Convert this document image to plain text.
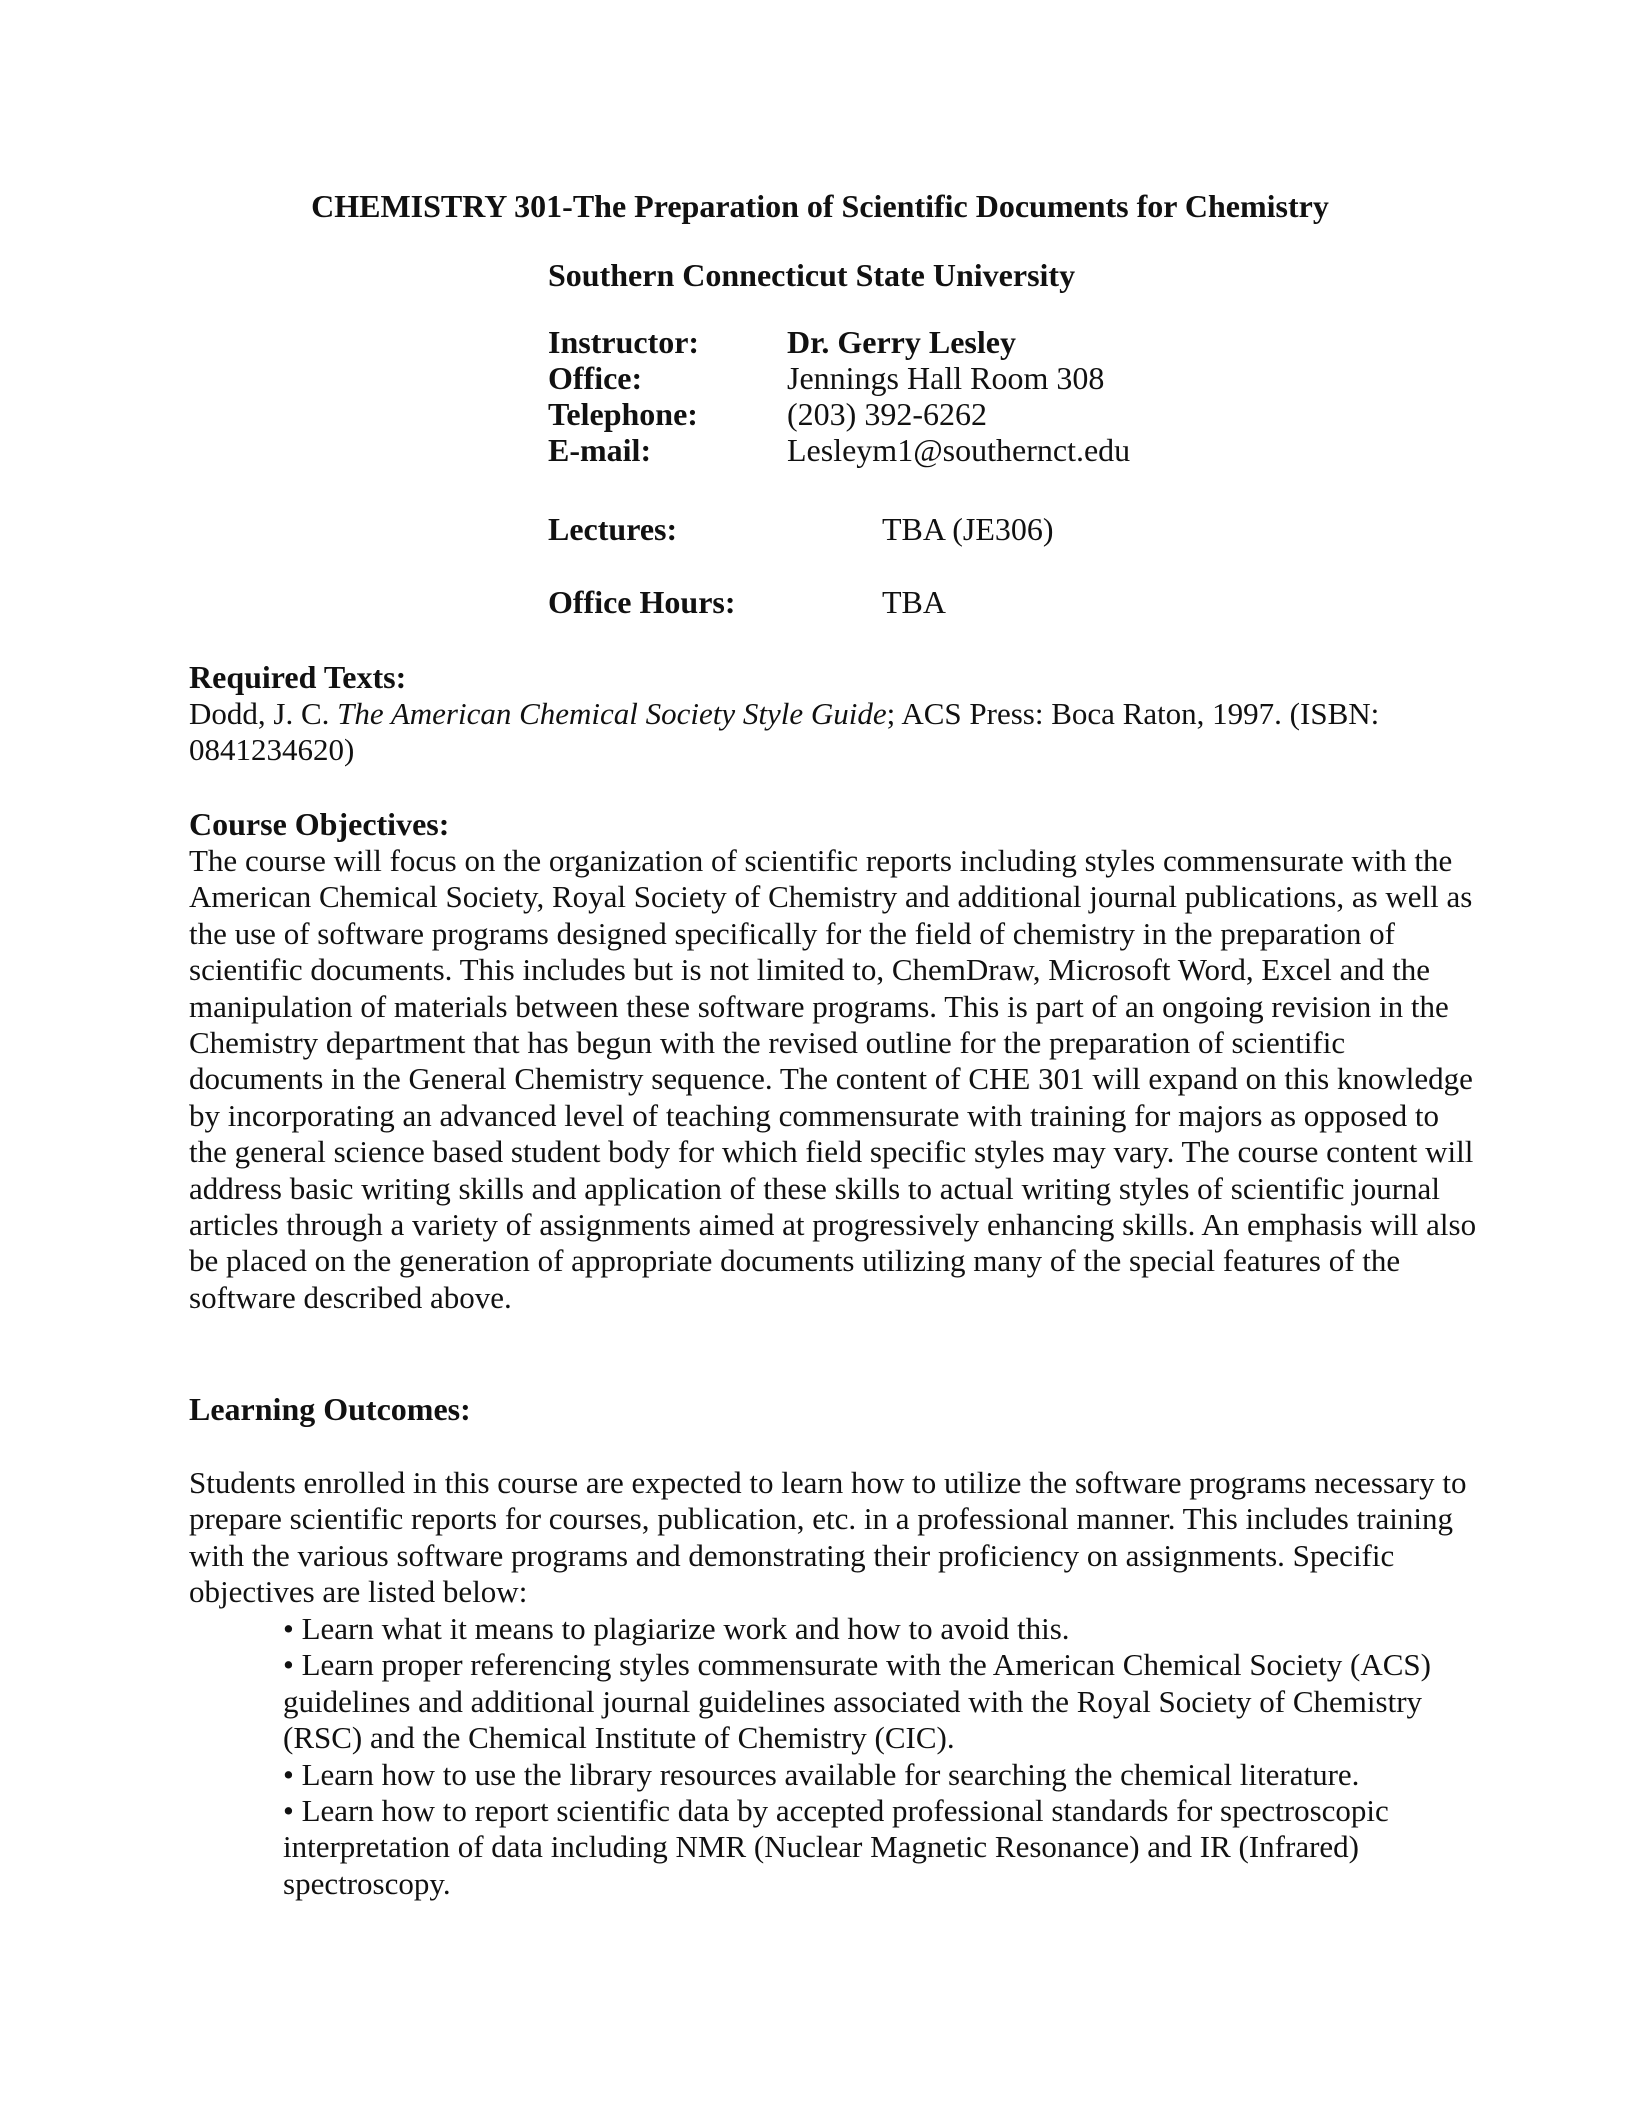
CHEMISTRY 301-The Preparation of Scientific Documents for Chemistry
Southern Connecticut State University
Instructor:	Dr. Gerry Lesley
Office:	Jennings Hall Room 308
Telephone:	(203) 392-6262
E-mail:	Lesleym1@southernct.edu
Lectures:	TBA (JE306)
Office Hours:	TBA
Required Texts:

Dodd, J. C. The American Chemical Society Style Guide; ACS Press: Boca Raton, 1997. (ISBN: 0841234620)

Course Objectives:

The course will focus on the organization of scientific reports including styles commensurate with the American Chemical Society, Royal Society of Chemistry and additional journal publications, as well as the use of software programs designed specifically for the field of chemistry in the preparation of scientific documents. This includes but is not limited to, ChemDraw, Microsoft Word, Excel and the manipulation of materials between these software programs. This is part of an ongoing revision in the Chemistry department that has begun with the revised outline for the preparation of scientific documents in the General Chemistry sequence. The content of CHE 301 will expand on this knowledge by incorporating an advanced level of teaching commensurate with training for majors as opposed to the general science based student body for which field specific styles may vary. The course content will address basic writing skills and application of these skills to actual writing styles of scientific journal articles through a variety of assignments aimed at progressively enhancing skills. An emphasis will also be placed on the generation of appropriate documents utilizing many of the special features of the software described above.

Learning Outcomes:

Students enrolled in this course are expected to learn how to utilize the software programs necessary to prepare scientific reports for courses, publication, etc. in a professional manner. This includes training with the various software programs and demonstrating their proficiency on assignments. Specific objectives are listed below:

• Learn what it means to plagiarize work and how to avoid this.
• Learn proper referencing styles commensurate with the American Chemical Society (ACS) guidelines and additional journal guidelines associated with the Royal Society of Chemistry (RSC) and the Chemical Institute of Chemistry (CIC).
• Learn how to use the library resources available for searching the chemical literature.
• Learn how to report scientific data by accepted professional standards for spectroscopic interpretation of data including NMR (Nuclear Magnetic Resonance) and IR (Infrared) spectroscopy.
